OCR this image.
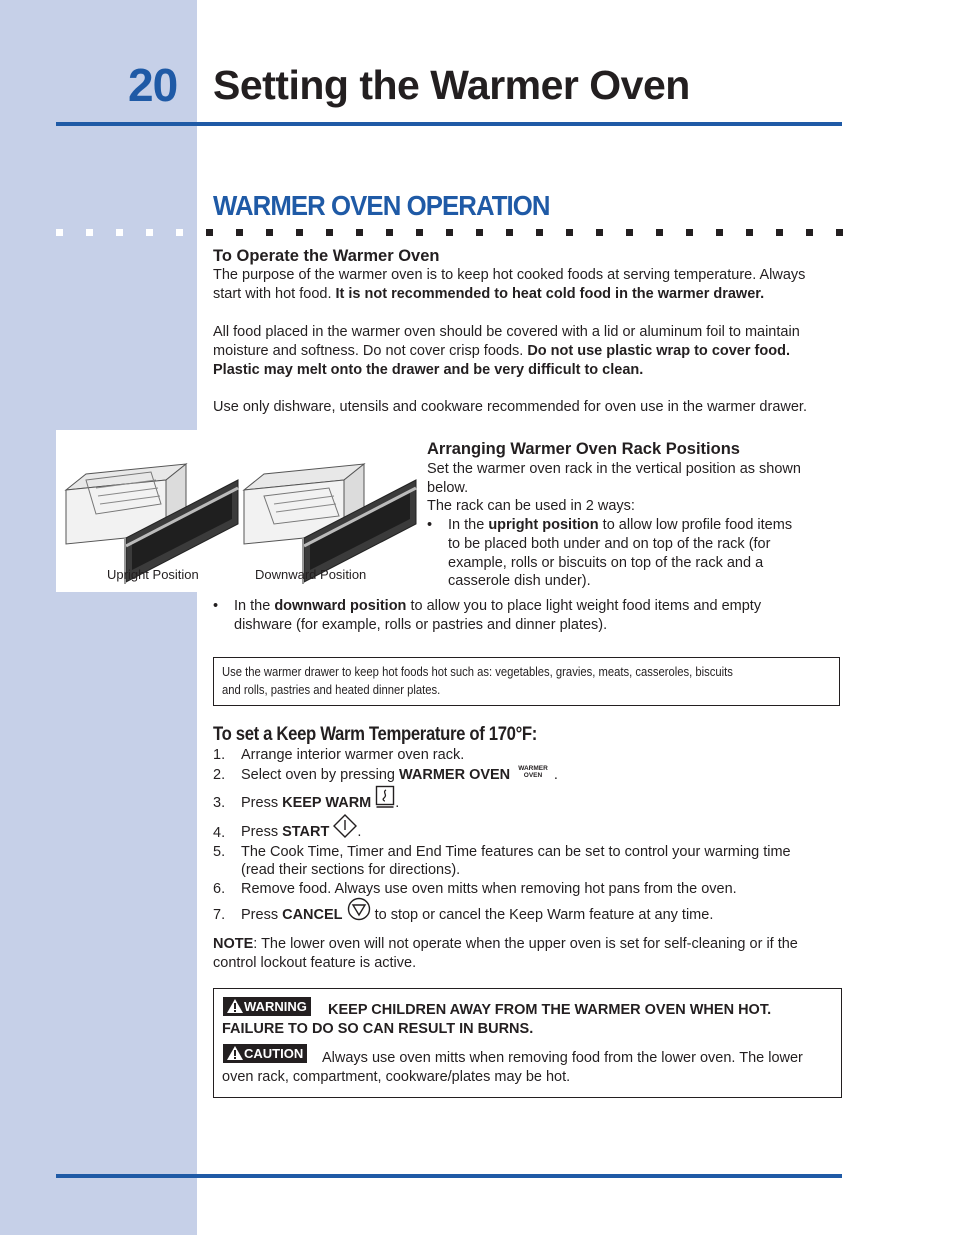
20 Setting the Warmer Oven
WARMER OVEN OPERATION
To Operate the Warmer Oven
The purpose of the warmer oven is to keep hot cooked foods at serving temperature. Always
start with hot food. It is not recommended to heat cold food in the warmer drawer.
All food placed in the warmer oven should be covered with a lid or aluminum foil to maintain
moisture and softness. Do not cover crisp foods. Do not use plastic wrap to cover food.
Plastic may melt onto the drawer and be very difficult to clean.
Use only dishware, utensils and cookware recommended for oven use in the warmer drawer.
Upright Position	Downward Position
Arranging Warmer Oven Rack Positions
Set the warmer oven rack in the vertical position as shown
below.
The rack can be used in 2 ways:
• In the upright position to allow low profile food items
to be placed both under and on top of the rack (for
example, rolls or biscuits on top of the rack and a
casserole dish under).
• In the downward position to allow you to place light weight food items and empty
dishware (for example, rolls or pastries and dinner plates).
Use the warmer drawer to keep hot foods hot such as: vegetables, gravies, meats, casseroles, biscuits
and rolls, pastries and heated dinner plates.
To set a Keep Warm Temperature of 170°F:
1. Arrange interior warmer oven rack.
2. Select oven by pressing WARMER OVEN WARMER
OVEN .
3. Press KEEP WARM .
4. Press START .
5. The Cook Time, Timer and End Time features can be set to control your warming time
(read their sections for directions).
6. Remove food. Always use oven mitts when removing hot pans from the oven.
7. Press CANCEL  to stop or cancel the Keep Warm feature at any time.
NOTE: The lower oven will not operate when the upper oven is set for self-cleaning or if the
control lockout feature is active.
WARNING KEEP CHILDREN AWAY FROM THE WARMER OVEN WHEN HOT.
FAILURE TO DO SO CAN RESULT IN BURNS.
CAUTION Always use oven mitts when removing food from the lower oven. The lower
oven rack, compartment, cookware/plates may be hot.
